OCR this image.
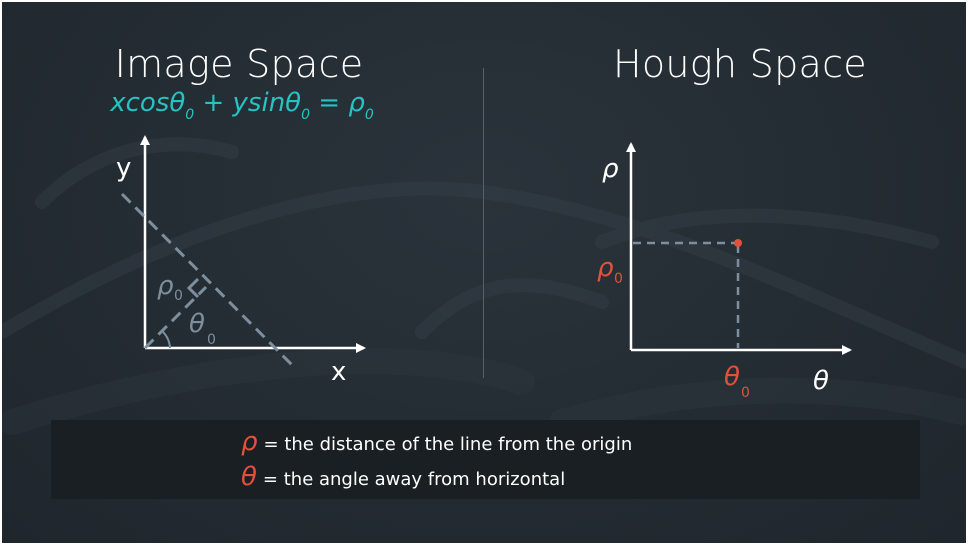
Image Space	Hough Space
$xcos\theta_0 + ysin\theta_0 = \rho_0$
x
y
ρ 0
θ
0
ρ
θ
ρ 0
θ
0
ρ = the distance of the line from the origin
θ = the angle away from horizontal
